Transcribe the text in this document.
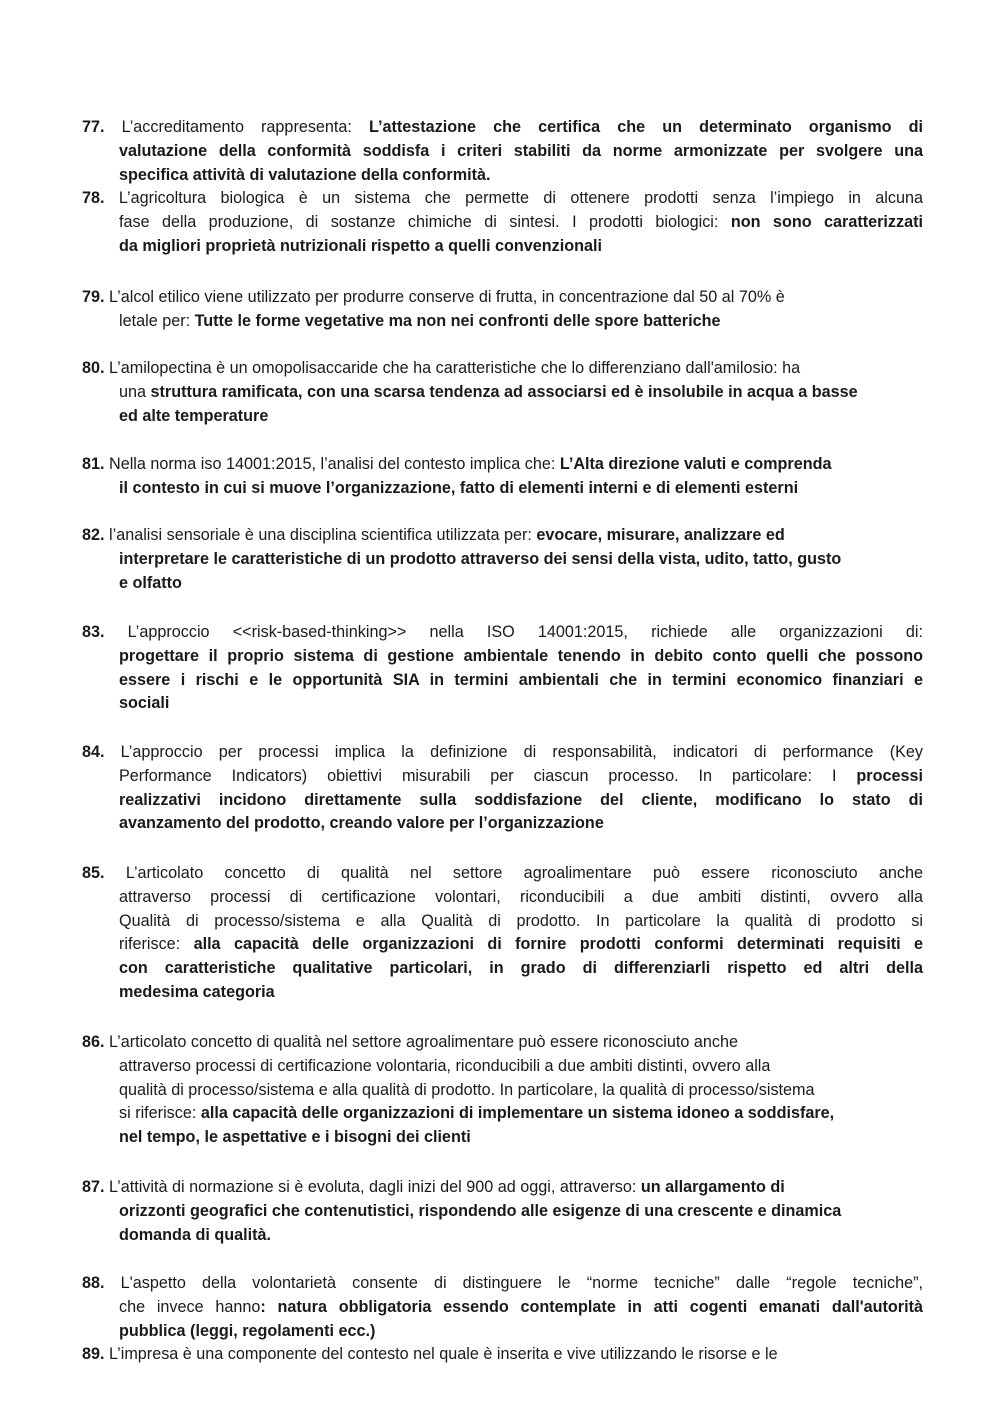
77. L’accreditamento rappresenta: L’attestazione che certifica che un determinato organismo di
valutazione della conformità soddisfa i criteri stabiliti da norme armonizzate per svolgere una
specifica attività di valutazione della conformità.
78. L’agricoltura biologica è un sistema che permette di ottenere prodotti senza l’impiego in alcuna
fase della produzione, di sostanze chimiche di sintesi. I prodotti biologici: non sono caratterizzati
da migliori proprietà nutrizionali rispetto a quelli convenzionali
79. L’alcol etilico viene utilizzato per produrre conserve di frutta, in concentrazione dal 50 al 70% è
letale per: Tutte le forme vegetative ma non nei confronti delle spore batteriche
80. L’amilopectina è un omopolisaccaride che ha caratteristiche che lo differenziano dall'amilosio: ha
una struttura ramificata, con una scarsa tendenza ad associarsi ed è insolubile in acqua a basse
ed alte temperature
81. Nella norma iso 14001:2015, l’analisi del contesto implica che: L’Alta direzione valuti e comprenda
il contesto in cui si muove l’organizzazione, fatto di elementi interni e di elementi esterni
82. l’analisi sensoriale è una disciplina scientifica utilizzata per: evocare, misurare, analizzare ed
interpretare le caratteristiche di un prodotto attraverso dei sensi della vista, udito, tatto, gusto
e olfatto
83. L’approccio <<risk-based-thinking>> nella ISO 14001:2015, richiede alle organizzazioni di:
progettare il proprio sistema di gestione ambientale tenendo in debito conto quelli che possono
essere i rischi e le opportunità SIA in termini ambientali che in termini economico finanziari e
sociali
84. L’approccio per processi implica la definizione di responsabilità, indicatori di performance (Key
Performance Indicators) obiettivi misurabili per ciascun processo. In particolare: I processi
realizzativi incidono direttamente sulla soddisfazione del cliente, modificano lo stato di
avanzamento del prodotto, creando valore per l’organizzazione
85. L’articolato concetto di qualità nel settore agroalimentare può essere riconosciuto anche
attraverso processi di certificazione volontari, riconducibili a due ambiti distinti, ovvero alla
Qualità di processo/sistema e alla Qualità di prodotto. In particolare la qualità di prodotto si
riferisce: alla capacità delle organizzazioni di fornire prodotti conformi determinati requisiti e
con caratteristiche qualitative particolari, in grado di differenziarli rispetto ed altri della
medesima categoria
86. L’articolato concetto di qualità nel settore agroalimentare può essere riconosciuto anche
attraverso processi di certificazione volontaria, riconducibili a due ambiti distinti, ovvero alla
qualità di processo/sistema e alla qualità di prodotto. In particolare, la qualità di processo/sistema
si riferisce: alla capacità delle organizzazioni di implementare un sistema idoneo a soddisfare,
nel tempo, le aspettative e i bisogni dei clienti
87. L’attività di normazione si è evoluta, dagli inizi del 900 ad oggi, attraverso: un allargamento di
orizzonti geografici che contenutistici, rispondendo alle esigenze di una crescente e dinamica
domanda di qualità.
88. L'aspetto della volontarietà consente di distinguere le “norme tecniche” dalle “regole tecniche”,
che invece hanno: natura obbligatoria essendo contemplate in atti cogenti emanati dall'autorità
pubblica (leggi, regolamenti ecc.)
89. L’impresa è una componente del contesto nel quale è inserita e vive utilizzando le risorse e le
